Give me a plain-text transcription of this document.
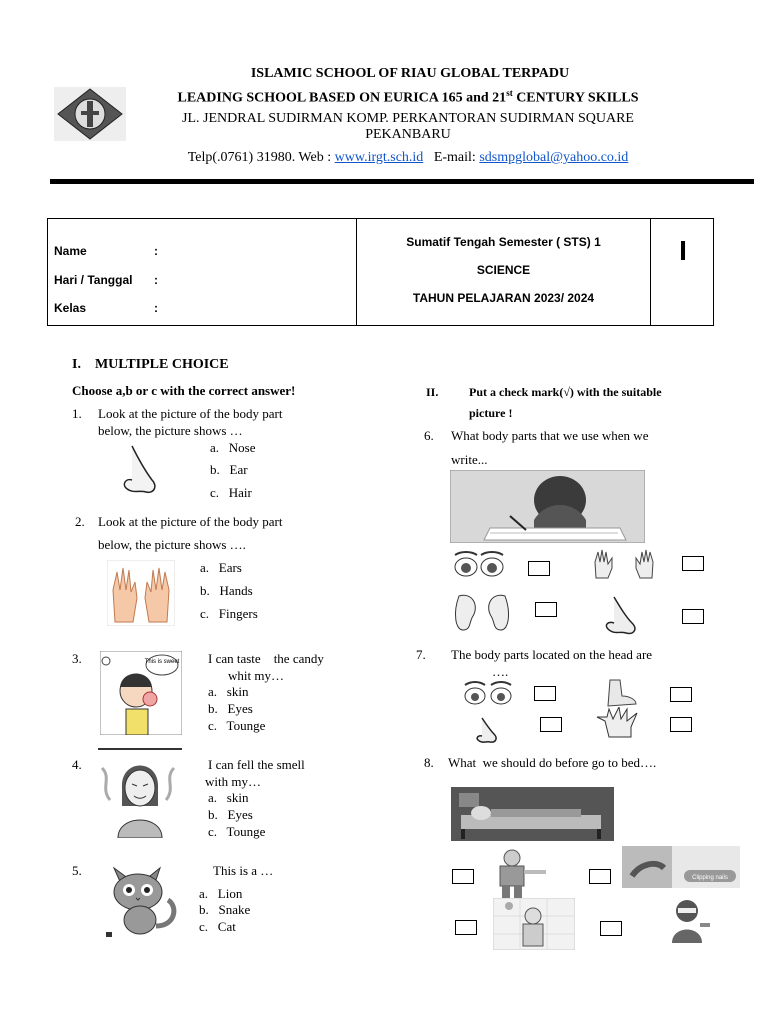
ISLAMIC SCHOOL OF RIAU GLOBAL TERPADU
LEADING SCHOOL BASED ON EURICA 165 and 21st CENTURY SKILLS
JL. JENDRAL SUDIRMAN KOMP. PERKANTORAN SUDIRMAN SQUARE
PEKANBARU
Telp(.0761) 31980. Web : www.irgt.sch.id E-mail: sdsmpglobal@yahoo.co.id
Name	:
Hari / Tanggal :
Kelas	:
Sumatif Tengah Semester ( STS) 1
SCIENCE
TAHUN PELAJARAN 2023/ 2024
I
I.    MULTIPLE CHOICE
Choose a,b or c with the correct answer!
1. Look at the picture of the body part
below, the picture shows …
a.   Nose
b.   Ear
c.   Hair
2. Look at the picture of the body part
below, the picture shows ….
a.   Ears
b.   Hands
c.   Fingers
3.	This is sweet I can taste    the candy
whit my…
a.   skin
b.   Eyes
c.   Tounge
4.	I can fell the smell
with my…
a.   skin
b.   Eyes
c.   Tounge
5.	This is a …
a.   Lion
b.   Snake
c.   Cat
II.	Put a check mark(√) with the suitable
picture !
6. What body parts that we use when we
write...
7. The body parts located on the head are
….
8. What  we should do before go to bed….
Clipping nails
